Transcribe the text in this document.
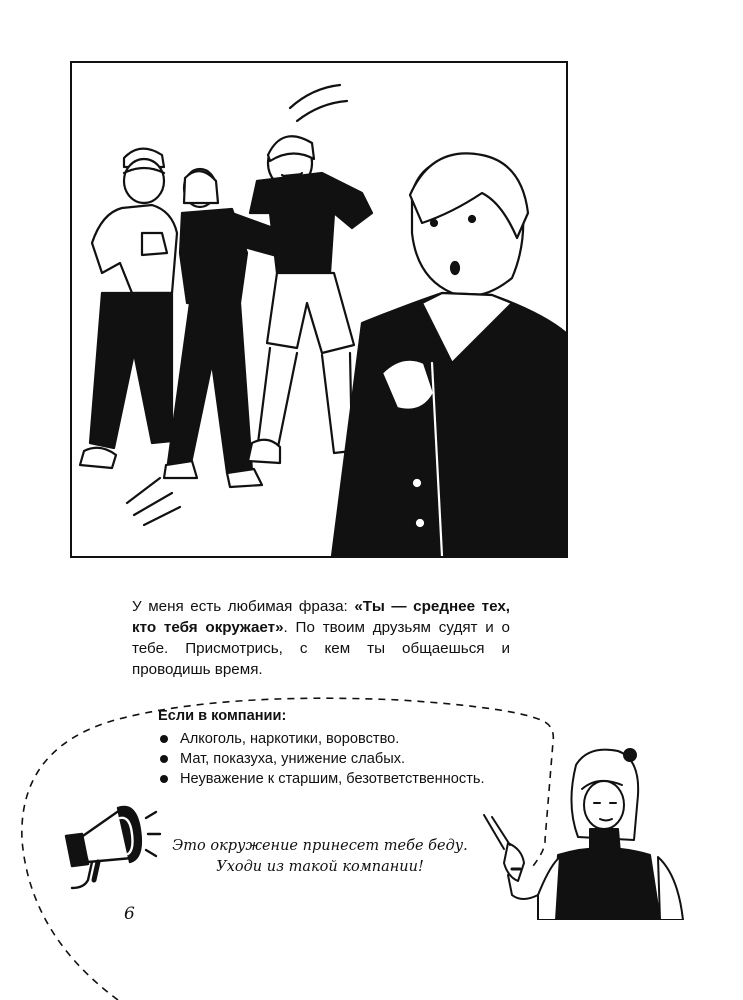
У меня есть любимая фраза: «Ты — среднее тех, кто тебя окружает». По твоим друзьям судят и о тебе. Присмотрись, с кем ты общаешься и проводишь время.

Если в компании:

Алкоголь, наркотики, воровство.
Мат, показуха, унижение слабых.
Неуважение к старшим, безответственность.

Это окружение принесет тебе беду.
Уходи из такой компании!

6
